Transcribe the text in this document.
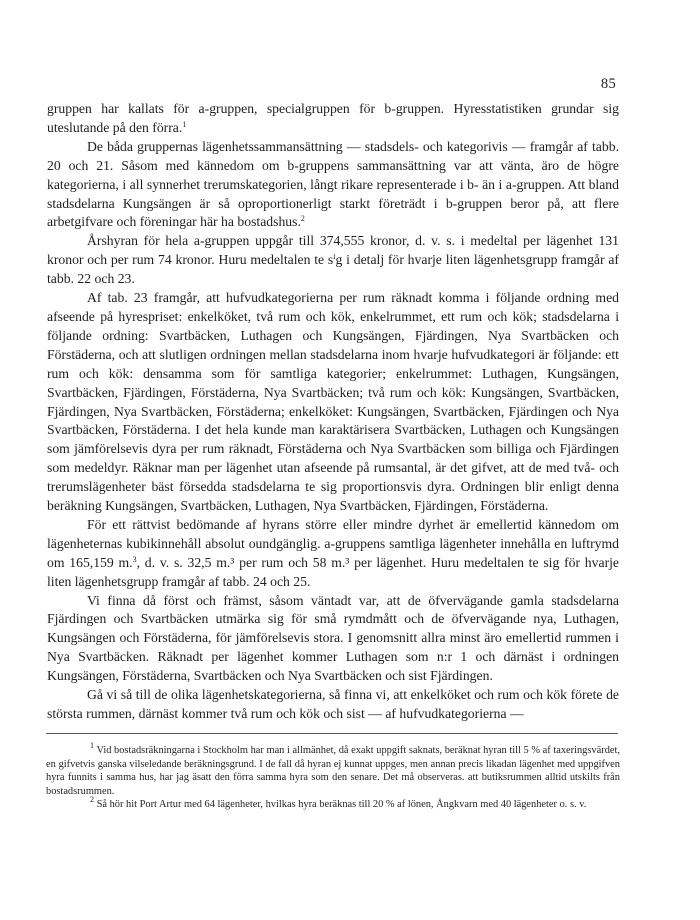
85

gruppen har kallats för a-gruppen, specialgruppen för b-gruppen. Hyresstatistiken grundar sig uteslutande på den förra.$^1$

De båda gruppernas lägenhetssammansättning — stadsdels- och kategorivis — framgår af tabb. 20 och 21. Såsom med kännedom om b-gruppens sammansättning var att vänta, äro de högre kategorierna, i all synnerhet trerumskategorien, långt rikare representerade i b- än i a-gruppen. Att bland stadsdelarna Kungsängen är så oproportionerligt starkt företrädt i b-gruppen beror på, att flere arbetgifvare och föreningar här ha bostadshus.$^2$

Årshyran för hela a-gruppen uppgår till 374,555 kronor, d. v. s. i medeltal per lägenhet 131 kronor och per rum 74 kronor. Huru medeltalen te $s^ig$ i detalj för hvarje liten lägenhetsgrupp framgår af tabb. 22 och 23.

Af tab. 23 framgår, att hufvudkategorierna per rum räknadt komma i följande ordning med afseende på hyrespriset: enkelköket, två rum och kök, enkelrummet, ett rum och kök; stadsdelarna i följande ordning: Svartbäcken, Luthagen och Kungsängen, Fjärdingen, Nya Svartbäcken och Förstäderna, och att slutligen ordningen mellan stadsdelarna inom hvarje hufvudkategori är följande: ett rum och kök: densamma som för samtliga kategorier; enkelrummet: Luthagen, Kungsängen, Svartbäcken, Fjärdingen, Förstäderna, Nya Svartbäcken; två rum och kök: Kungsängen, Svartbäcken, Fjärdingen, Nya Svartbäcken, Förstäderna; enkelköket: Kungsängen, Svartbäcken, Fjärdingen och Nya Svartbäcken, Förstäderna. I det hela kunde man karaktärisera Svartbäcken, Luthagen och Kungsängen som jämförelsevis dyra per rum räknadt, Förstäderna och Nya Svartbäcken som billiga och Fjärdingen som medeldyr. Räknar man per lägenhet utan afseende på rumsantal, är det gifvet, att de med två- och trerumslägenheter bäst försedda stadsdelarna te sig proportionsvis dyra. Ordningen blir enligt denna beräkning Kungsängen, Svartbäcken, Luthagen, Nya Svartbäcken, Fjärdingen, Förstäderna.

För ett rättvist bedömande af hyrans större eller mindre dyrhet är emellertid kännedom om lägenheternas kubikinnehåll absolut oundgänglig. a-gruppens samtliga lägenheter innehålla en luftrymd om 165,159 m.$^3$, d. v. s. 32,5 m.³ per rum och 58 m.³ per lägenhet. Huru medeltalen te sig för hvarje liten lägenhetsgrupp framgår af tabb. 24 och 25.

Vi finna då först och främst, såsom väntadt var, att de öfvervägande gamla stadsdelarna Fjärdingen och Svartbäcken utmärka sig för små rymdmått och de öfvervägande nya, Luthagen, Kungsängen och Förstäderna, för jämförelsevis stora. I genomsnitt allra minst äro emellertid rummen i Nya Svartbäcken. Räknadt per lägenhet kommer Luthagen som n:r 1 och därnäst i ordningen Kungsängen, Förstäderna, Svartbäcken och Nya Svartbäcken och sist Fjärdingen.

Gå vi så till de olika lägenhetskategorierna, så finna vi, att enkelköket och rum och kök förete de största rummen, därnäst kommer två rum och kök och sist — af hufvudkategorierna —

$^1$ Vid bostadsräkningarna i Stockholm har man i allmänhet, då exakt uppgift saknats, beräknat hyran till 5 % af taxeringsvärdet, en gifvetvis ganska vilseledande beräkningsgrund. I de fall då hyran ej kunnat uppges, men annan precis likadan lägenhet med uppgifven hyra funnits i samma hus, har jag äsatt den förra samma hyra som den senare. Det må observeras. att butiksrummen alltid utskilts från bostadsrummen.

$^2$ Så hör hit Port Artur med 64 lägenheter, hvilkas hyra beräknas till 20 % af lönen, Ångkvarn med 40 lägenheter o. s. v.
